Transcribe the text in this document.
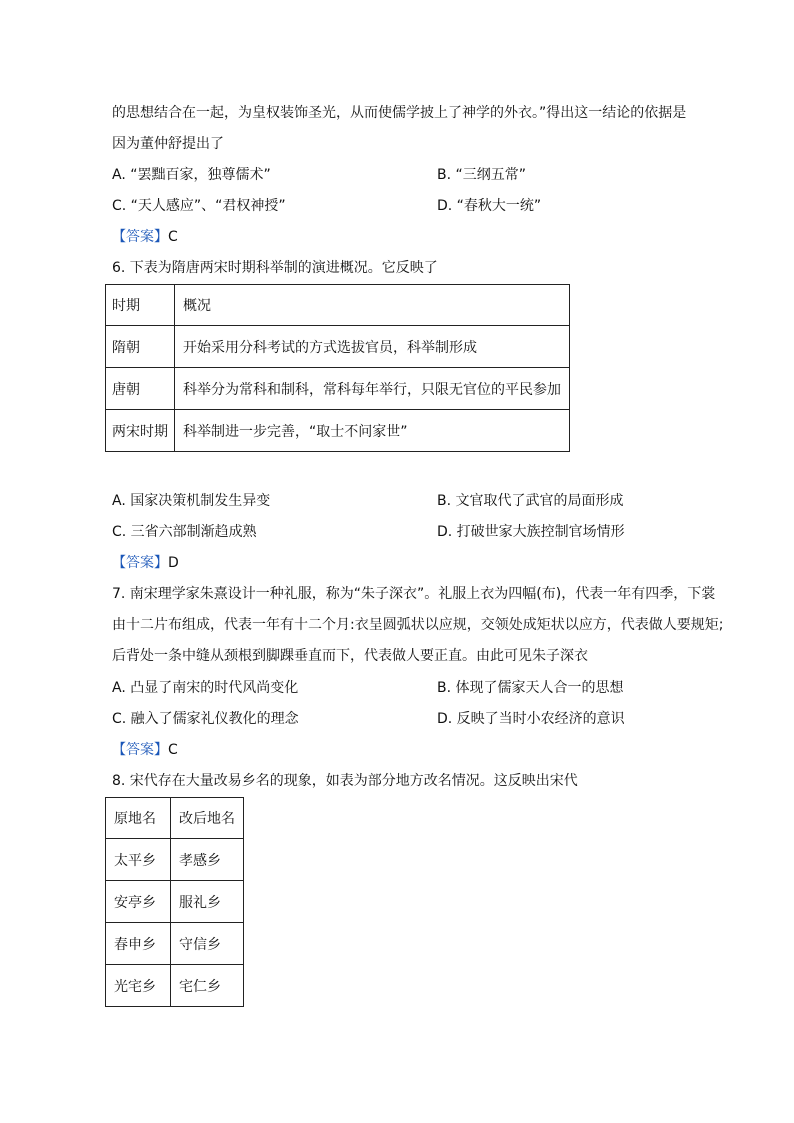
的思想结合在一起，为皇权装饰圣光，从而使儒学披上了神学的外衣。”得出这一结论的依据是
因为董仲舒提出了
A. “罢黜百家，独尊儒术”	B. “三纲五常”
C. “天人感应”、“君权神授”	D. “春秋大一统”
【答案】C
6. 下表为隋唐两宋时期科举制的演进概况。它反映了
时期	概况
隋朝	开始采用分科考试的方式选拔官员，科举制形成
唐朝	科举分为常科和制科，常科每年举行，只限无官位的平民参加
两宋时期	科举制进一步完善，“取士不问家世”
A. 国家决策机制发生异变	B. 文官取代了武官的局面形成
C. 三省六部制渐趋成熟	D. 打破世家大族控制官场情形
【答案】D
7. 南宋理学家朱熹设计一种礼服，称为“朱子深衣”。礼服上衣为四幅(布)，代表一年有四季，下裳
由十二片布组成，代表一年有十二个月:衣呈圆弧状以应规，交领处成矩状以应方，代表做人要规矩;
后背处一条中缝从颈根到脚踝垂直而下，代表做人要正直。由此可见朱子深衣
A. 凸显了南宋的时代风尚变化	B. 体现了儒家天人合一的思想
C. 融入了儒家礼仪教化的理念	D. 反映了当时小农经济的意识
【答案】C
8. 宋代存在大量改易乡名的现象，如表为部分地方改名情况。这反映出宋代
原地名	改后地名
太平乡	孝感乡
安亭乡	服礼乡
春申乡	守信乡
光宅乡	宅仁乡
